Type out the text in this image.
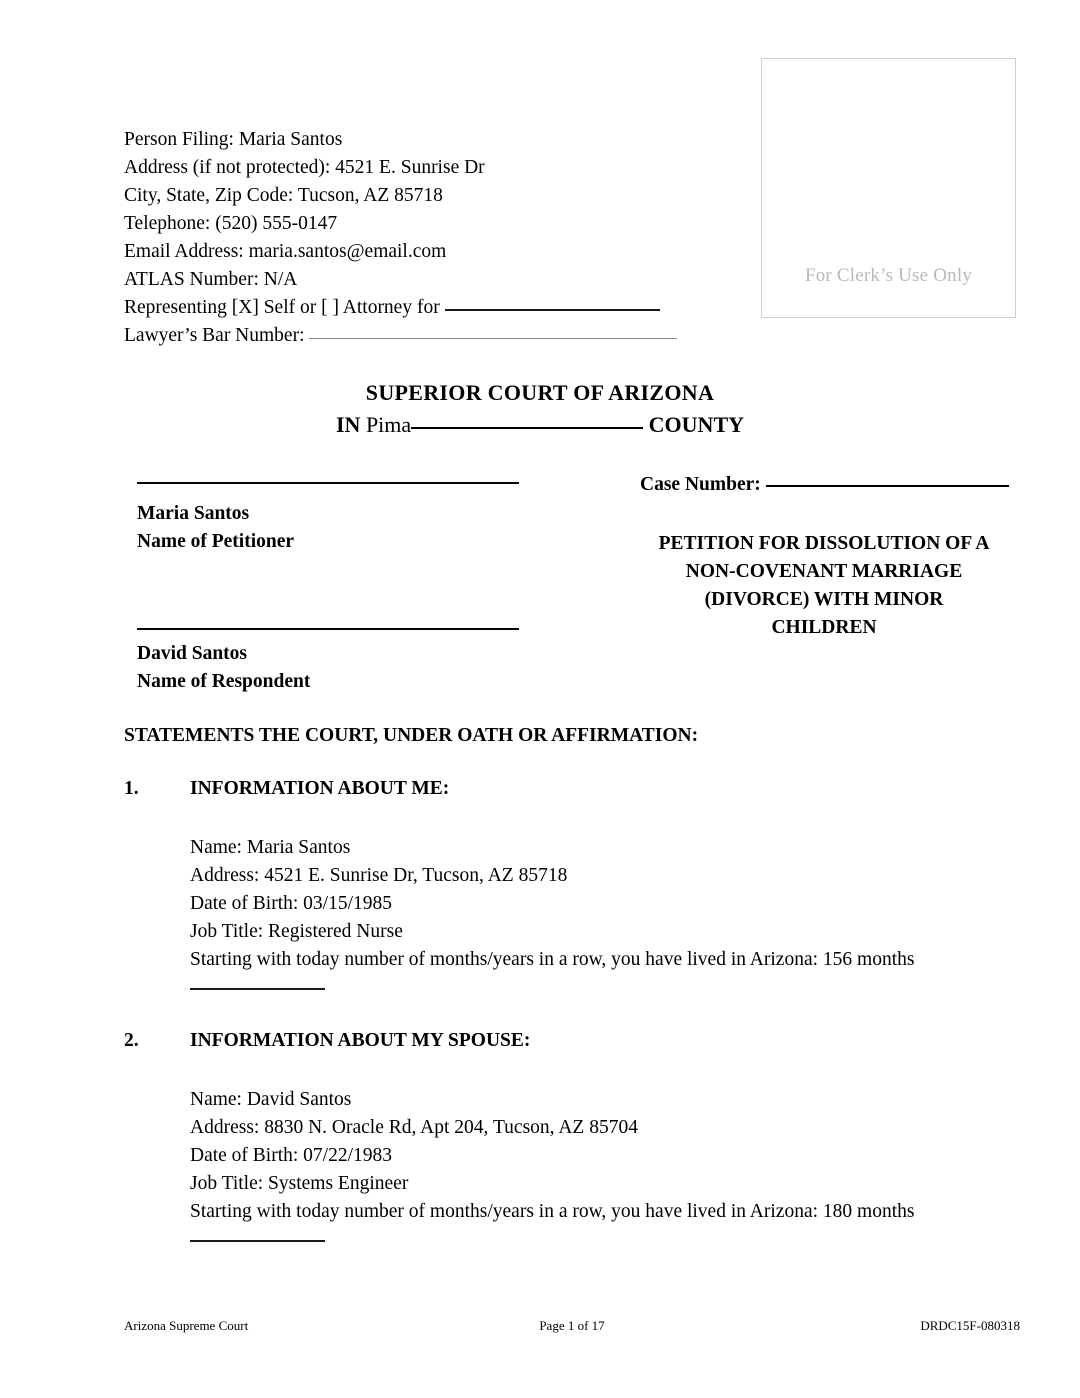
For Clerk’s Use Only
Person Filing: Maria Santos
Address (if not protected): 4521 E. Sunrise Dr
City, State, Zip Code: Tucson, AZ 85718
Telephone: (520) 555-0147
Email Address: maria.santos@email.com
ATLAS Number: N/A
Representing [X] Self or [ ] Attorney for
Lawyer’s Bar Number:
SUPERIOR COURT OF ARIZONA
IN Pima	COUNTY
Maria Santos
Name of Petitioner
David Santos
Name of Respondent
Case Number:
PETITION FOR DISSOLUTION OF A
NON-COVENANT MARRIAGE
(DIVORCE) WITH MINOR
CHILDREN
STATEMENTS THE COURT, UNDER OATH OR AFFIRMATION:
1.	INFORMATION ABOUT ME:
Name: Maria Santos
Address: 4521 E. Sunrise Dr, Tucson, AZ 85718
Date of Birth: 03/15/1985
Job Title: Registered Nurse
Starting with today number of months/years in a row, you have lived in Arizona: 156 months
2.	INFORMATION ABOUT MY SPOUSE:
Name: David Santos
Address: 8830 N. Oracle Rd, Apt 204, Tucson, AZ 85704
Date of Birth: 07/22/1983
Job Title: Systems Engineer
Starting with today number of months/years in a row, you have lived in Arizona: 180 months
Arizona Supreme Court	Page 1 of 17	DRDC15F-080318
